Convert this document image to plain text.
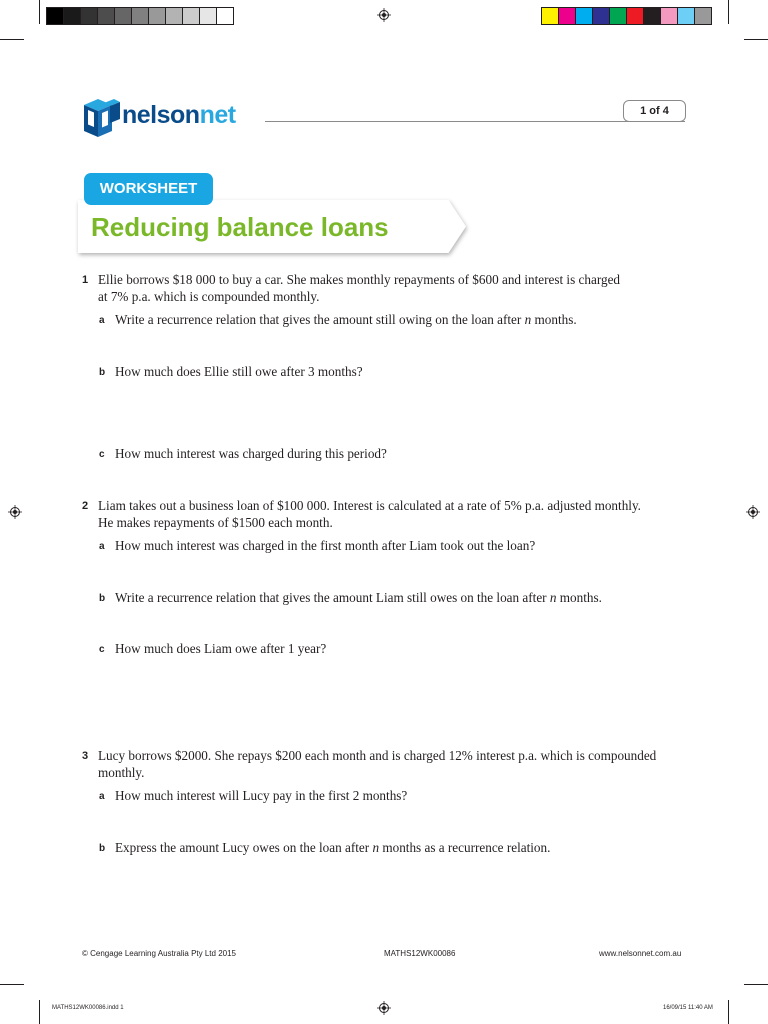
nelsonnet	1 of 4
WORKSHEET
Reducing balance loans
1 Ellie borrows $18 000 to buy a car. She makes monthly repayments of $600 and interest is charged
at 7% p.a. which is compounded monthly.
a Write a recurrence relation that gives the amount still owing on the loan after n months.
b How much does Ellie still owe after 3 months?
c How much interest was charged during this period?
2 Liam takes out a business loan of $100 000. Interest is calculated at a rate of 5% p.a. adjusted monthly.
He makes repayments of $1500 each month.
a How much interest was charged in the first month after Liam took out the loan?
b Write a recurrence relation that gives the amount Liam still owes on the loan after n months.
c How much does Liam owe after 1 year?
3 Lucy borrows $2000. She repays $200 each month and is charged 12% interest p.a. which is compounded
monthly.
a How much interest will Lucy pay in the first 2 months?
b Express the amount Lucy owes on the loan after n months as a recurrence relation.
© Cengage Learning Australia Pty Ltd 2015	MATHS12WK00086	www.nelsonnet.com.au
MATHS12WK00086.indd 1	16/09/15 11:40 AM
